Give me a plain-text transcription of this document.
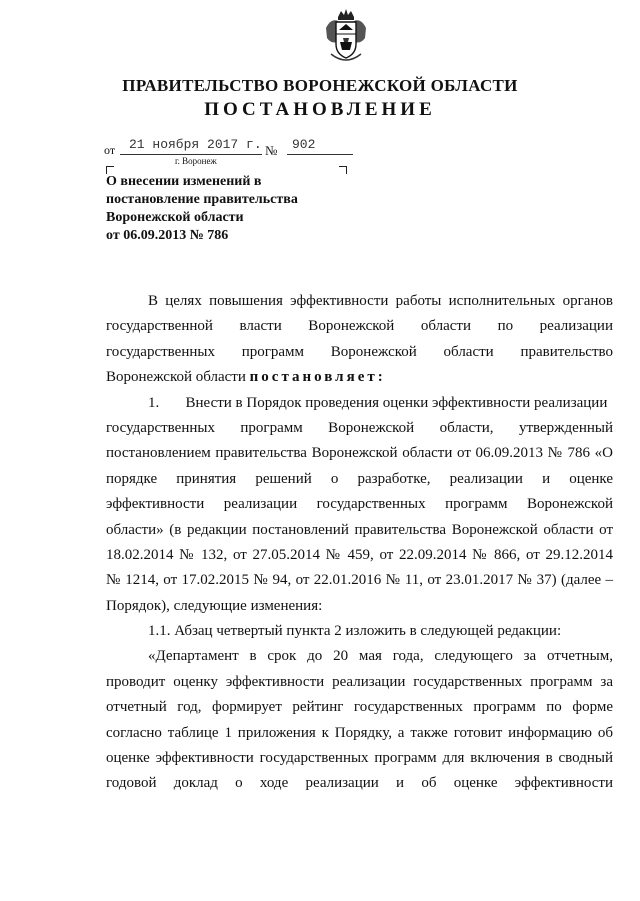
ПРАВИТЕЛЬСТВО ВОРОНЕЖСКОЙ ОБЛАСТИ
ПОСТАНОВЛЕНИЕ
от 21 ноября 2017 г. № 902
г. Воронеж
О внесении изменений в
постановление правительства
Воронежской области
от 06.09.2013 № 786
В целях повышения эффективности работы исполнительных органов
государственной власти Воронежской области по реализации
государственных программ Воронежской области правительство
Воронежской области постановляет:
1.       Внести в Порядок проведения оценки эффективности реализации
государственных программ Воронежской области, утвержденный
постановлением правительства Воронежской области от 06.09.2013 № 786 «О
порядке принятия решений о разработке, реализации и оценке
эффективности реализации государственных программ Воронежской
области» (в редакции постановлений правительства Воронежской области от
18.02.2014 № 132, от 27.05.2014 № 459, от 22.09.2014 № 866, от 29.12.2014
№ 1214, от 17.02.2015 № 94, от 22.01.2016 № 11, от 23.01.2017 № 37) (далее –
Порядок), следующие изменения:
1.1. Абзац четвертый пункта 2 изложить в следующей редакции:
«Департамент в срок до 20 мая года, следующего за отчетным,
проводит оценку эффективности реализации государственных программ за
отчетный год, формирует рейтинг государственных программ по форме
согласно таблице 1 приложения к Порядку, а также готовит информацию об
оценке эффективности государственных программ для включения в сводный
годовой доклад о ходе реализации и об оценке эффективности
